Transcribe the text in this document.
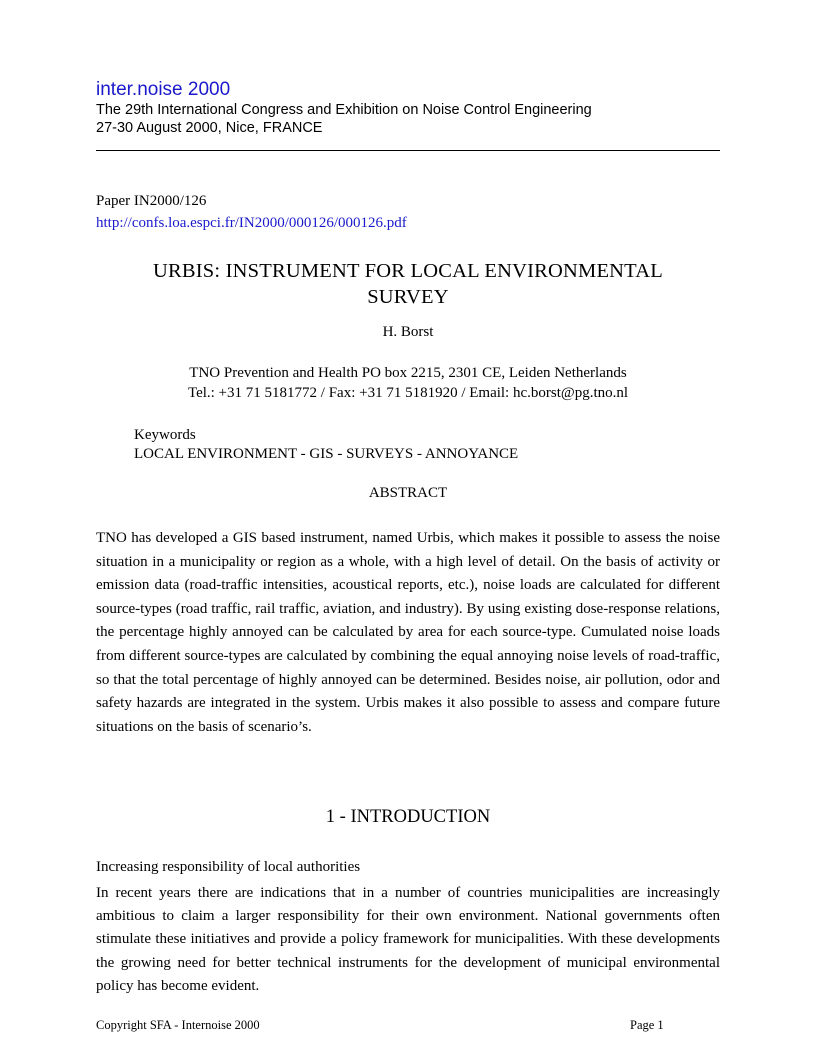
inter.noise 2000
The 29th International Congress and Exhibition on Noise Control Engineering
27-30 August 2000, Nice, FRANCE
Paper IN2000/126
http://confs.loa.espci.fr/IN2000/000126/000126.pdf
URBIS: INSTRUMENT FOR LOCAL ENVIRONMENTAL
SURVEY
H. Borst
TNO Prevention and Health PO box 2215, 2301 CE, Leiden Netherlands
Tel.: +31 71 5181772 / Fax: +31 71 5181920 / Email: hc.borst@pg.tno.nl
Keywords
LOCAL ENVIRONMENT - GIS - SURVEYS - ANNOYANCE
ABSTRACT
TNO has developed a GIS based instrument, named Urbis, which makes it possible to assess the noise situation in a municipality or region as a whole, with a high level of detail. On the basis of activity or emission data (road-traffic intensities, acoustical reports, etc.), noise loads are calculated for different source-types (road traffic, rail traffic, aviation, and industry). By using existing dose-response relations, the percentage highly annoyed can be calculated by area for each source-type. Cumulated noise loads from different source-types are calculated by combining the equal annoying noise levels of road-traffic, so that the total percentage of highly annoyed can be determined. Besides noise, air pollution, odor and safety hazards are integrated in the system. Urbis makes it also possible to assess and compare future situations on the basis of scenario’s.
1 - INTRODUCTION
Increasing responsibility of local authorities
In recent years there are indications that in a number of countries municipalities are increasingly ambitious to claim a larger responsibility for their own environment. National governments often stimulate these initiatives and provide a policy framework for municipalities. With these developments the growing need for better technical instruments for the development of municipal environmental policy has become evident.
Copyright SFA - Internoise 2000	Page 1
